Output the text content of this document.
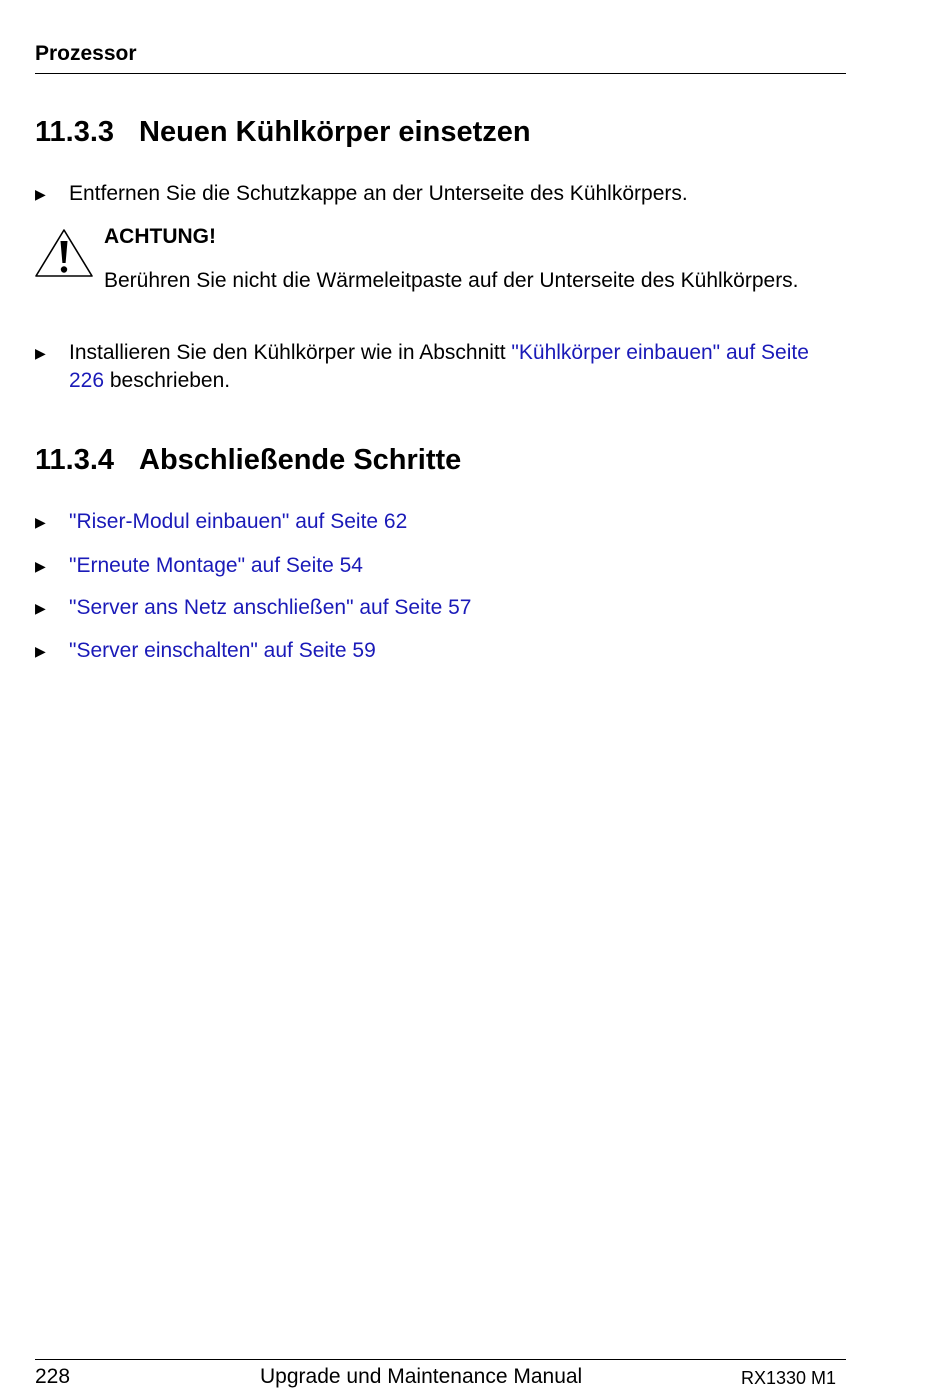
Prozessor
11.3.3 Neuen Kühlkörper einsetzen
▶ Entfernen Sie die Schutzkappe an der Unterseite des Kühlkörpers.
ACHTUNG!
Berühren Sie nicht die Wärmeleitpaste auf der Unterseite des Kühlkörpers.
▶ Installieren Sie den Kühlkörper wie in Abschnitt "Kühlkörper einbauen" auf Seite 226 beschrieben.
11.3.4 Abschließende Schritte
▶ "Riser-Modul einbauen" auf Seite 62
▶ "Erneute Montage" auf Seite 54
▶ "Server ans Netz anschließen" auf Seite 57
▶ "Server einschalten" auf Seite 59
228	Upgrade und Maintenance Manual	RX1330 M1
